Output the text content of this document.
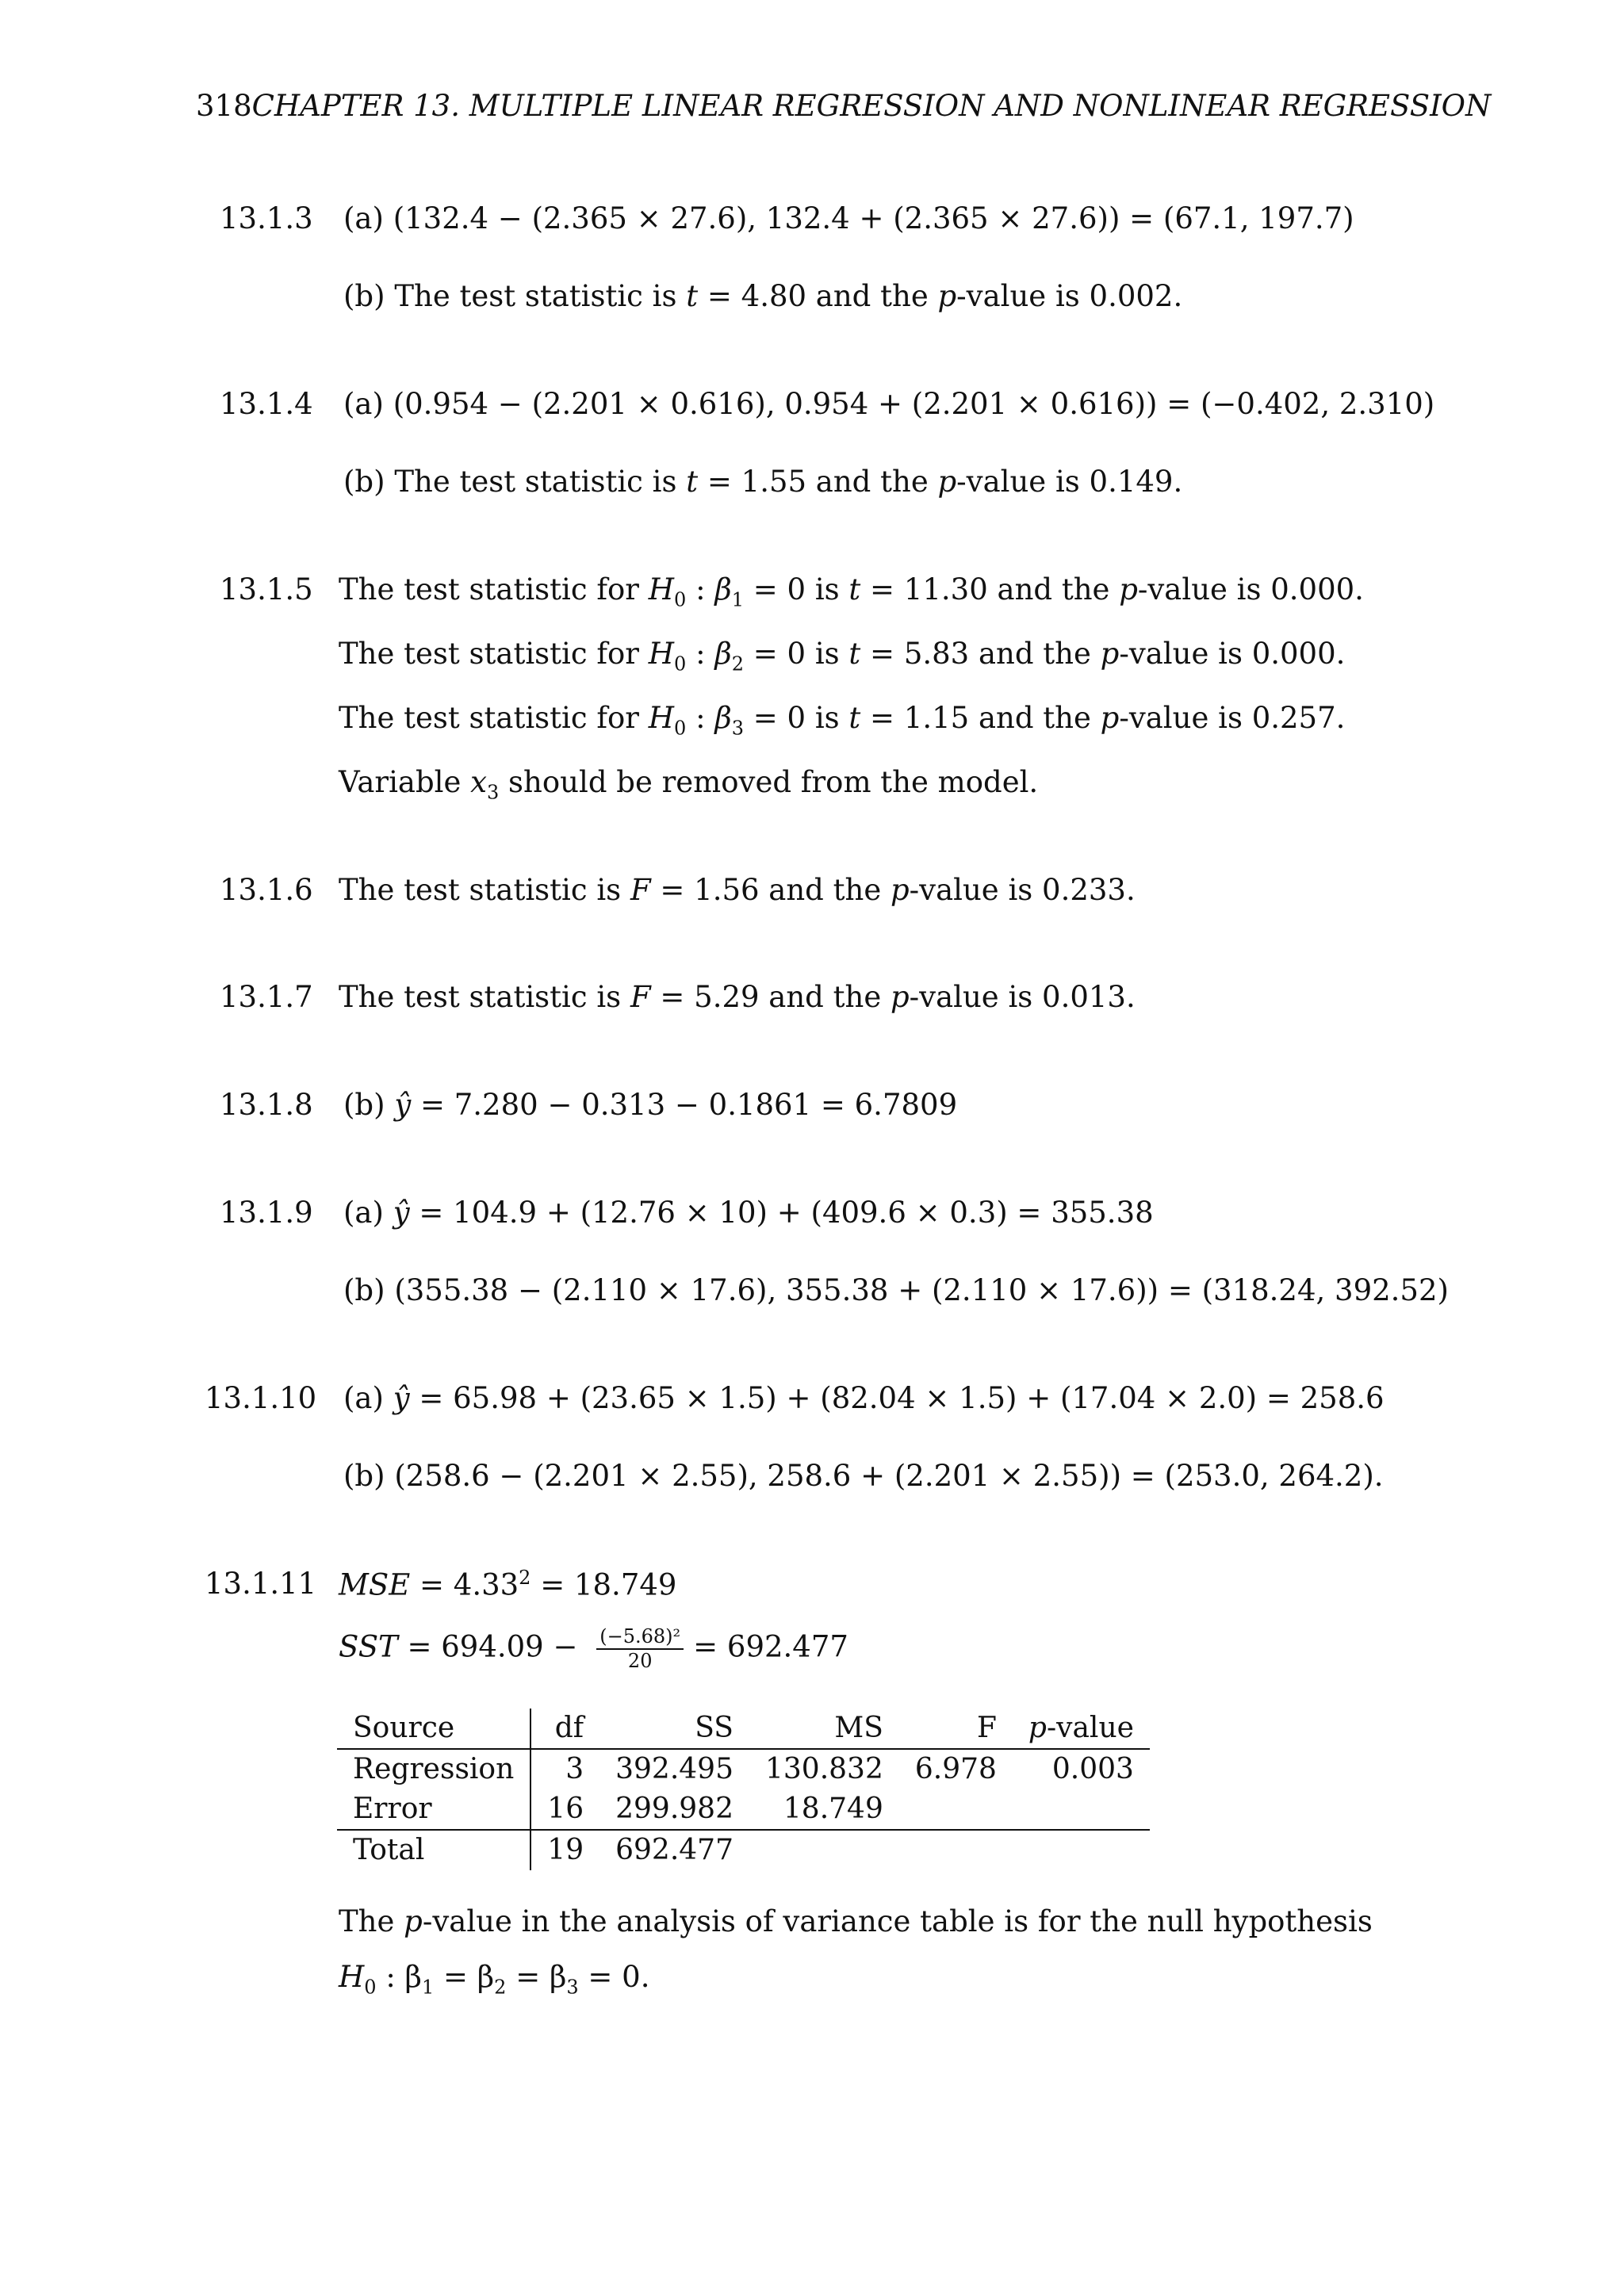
318CHAPTER 13. MULTIPLE LINEAR REGRESSION AND NONLINEAR REGRESSION
13.1.3 (a) (132.4 − (2.365 × 27.6), 132.4 + (2.365 × 27.6)) = (67.1, 197.7)
(b) The test statistic is t = 4.80 and the p-value is 0.002.
13.1.4 (a) (0.954 − (2.201 × 0.616), 0.954 + (2.201 × 0.616)) = (−0.402, 2.310)
(b) The test statistic is t = 1.55 and the p-value is 0.149.
13.1.5 The test statistic for $H_0$ : $\beta_1 = 0$ is t = 11.30 and the p-value is 0.000.
The test statistic for $H_0$ : $\beta_2 = 0$ is t = 5.83 and the p-value is 0.000.
The test statistic for $H_0$ : $\beta_3 = 0$ is t = 1.15 and the p-value is 0.257.
Variable $x_3$ should be removed from the model.
13.1.6 The test statistic is F = 1.56 and the p-value is 0.233.
13.1.7 The test statistic is F = 5.29 and the p-value is 0.013.
13.1.8 (b) ŷ = 7.280 − 0.313 − 0.1861 = 6.7809
13.1.9 (a) ŷ = 104.9 + (12.76 × 10) + (409.6 × 0.3) = 355.38
(b) (355.38 − (2.110 × 17.6), 355.38 + (2.110 × 17.6)) = (318.24, 392.52)
13.1.10 (a) ŷ = 65.98 + (23.65 × 1.5) + (82.04 × 1.5) + (17.04 × 2.0) = 258.6
(b) (258.6 − (2.201 × 2.55), 258.6 + (2.201 × 2.55)) = (253.0, 264.2).
13.1.11 MSE = $4.33^2 = 18.749$
SST = $694.09 - \frac{\text{(−5.68)²}}{20} = 692.477$
Source	df	SS	MS	F	p-value
Regression	3	392.495	130.832	6.978	0.003
Error	16	299.982	18.749		
Total	19	692.477			
The p-value in the analysis of variance table is for the null hypothesis
$H_0$ : $\beta_1 = \beta_2 = \beta_3 = 0$.
